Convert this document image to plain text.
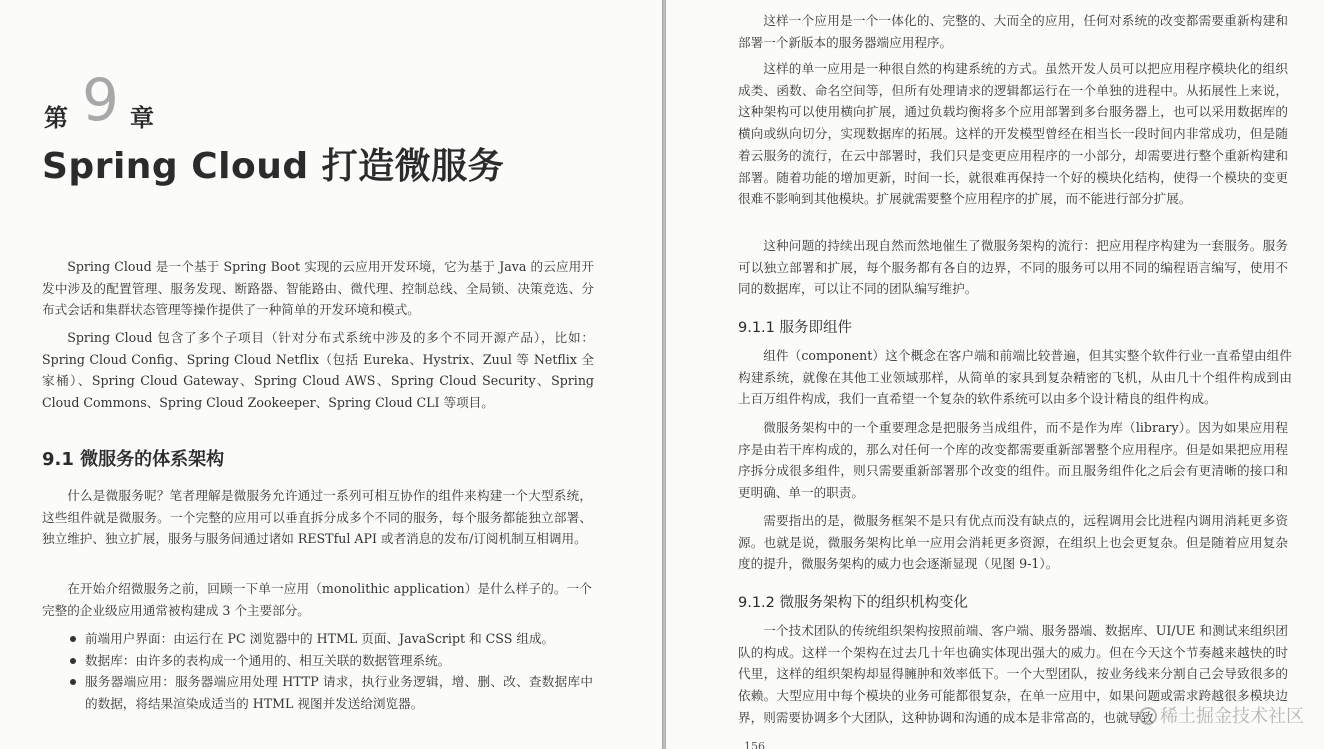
第 9 章
Spring Cloud 打造微服务

Spring Cloud 是一个基于 Spring Boot 实现的云应用开发环境，它为基于 Java 的云应用开发中涉及的配置管理、服务发现、断路器、智能路由、微代理、控制总线、全局锁、决策竞选、分布式会话和集群状态管理等操作提供了一种简单的开发环境和模式。

Spring Cloud 包含了多个子项目（针对分布式系统中涉及的多个不同开源产品），比如：Spring Cloud Config、Spring Cloud Netflix（包括 Eureka、Hystrix、Zuul 等 Netflix 全家桶）、Spring Cloud Gateway、Spring Cloud AWS、Spring Cloud Security、Spring Cloud Commons、Spring Cloud Zookeeper、Spring Cloud CLI 等项目。

9.1 微服务的体系架构

什么是微服务呢？笔者理解是微服务允许通过一系列可相互协作的组件来构建一个大型系统，这些组件就是微服务。一个完整的应用可以垂直拆分成多个不同的服务，每个服务都能独立部署、独立维护、独立扩展，服务与服务间通过诸如 RESTful API 或者消息的发布/订阅机制互相调用。

在开始介绍微服务之前，回顾一下单一应用（monolithic application）是什么样子的。一个完整的企业级应用通常被构建成 3 个主要部分。

前端用户界面：由运行在 PC 浏览器中的 HTML 页面、JavaScript 和 CSS 组成。
数据库：由许多的表构成一个通用的、相互关联的数据管理系统。
服务器端应用：服务器端应用处理 HTTP 请求，执行业务逻辑，增、删、改、查数据库中的数据，将结果渲染成适当的 HTML 视图并发送给浏览器。

这样一个应用是一个一体化的、完整的、大而全的应用，任何对系统的改变都需要重新构建和部署一个新版本的服务器端应用程序。

这样的单一应用是一种很自然的构建系统的方式。虽然开发人员可以把应用程序模块化的组织成类、函数、命名空间等，但所有处理请求的逻辑都运行在一个单独的进程中。从拓展性上来说，这种架构可以使用横向扩展，通过负载均衡将多个应用部署到多台服务器上，也可以采用数据库的横向或纵向切分，实现数据库的拓展。这样的开发模型曾经在相当长一段时间内非常成功，但是随着云服务的流行，在云中部署时，我们只是变更应用程序的一小部分，却需要进行整个重新构建和部署。随着功能的增加更新，时间一长，就很难再保持一个好的模块化结构，使得一个模块的变更很难不影响到其他模块。扩展就需要整个应用程序的扩展，而不能进行部分扩展。

这种问题的持续出现自然而然地催生了微服务架构的流行：把应用程序构建为一套服务。服务可以独立部署和扩展，每个服务都有各自的边界，不同的服务可以用不同的编程语言编写，使用不同的数据库，可以让不同的团队编写维护。

9.1.1 服务即组件

组件（component）这个概念在客户端和前端比较普遍，但其实整个软件行业一直希望由组件构建系统，就像在其他工业领域那样，从简单的家具到复杂精密的飞机，从由几十个组件构成到由上百万组件构成，我们一直希望一个复杂的软件系统可以由多个设计精良的组件构成。

微服务架构中的一个重要理念是把服务当成组件，而不是作为库（library）。因为如果应用程序是由若干库构成的，那么对任何一个库的改变都需要重新部署整个应用程序。但是如果把应用程序拆分成很多组件，则只需要重新部署那个改变的组件。而且服务组件化之后会有更清晰的接口和更明确、单一的职责。

需要指出的是，微服务框架不是只有优点而没有缺点的，远程调用会比进程内调用消耗更多资源。也就是说，微服务架构比单一应用会消耗更多资源，在组织上也会更复杂。但是随着应用复杂度的提升，微服务架构的威力也会逐渐显现（见图 9-1）。

9.1.2 微服务架构下的组织机构变化

一个技术团队的传统组织架构按照前端、客户端、服务器端、数据库、UI/UE 和测试来组织团队的构成。这样一个架构在过去几十年也确实体现出强大的威力。但在今天这个节奏越来越快的时代里，这样的组织架构却显得臃肿和效率低下。一个大型团队，按业务线来分割自己会导致很多的依赖。大型应用中每个模块的业务可能都很复杂，在单一应用中，如果问题或需求跨越很多模块边界，则需要协调多个大团队，这种协调和沟通的成本是非常高的，也就导致

156
稀土掘金技术社区
